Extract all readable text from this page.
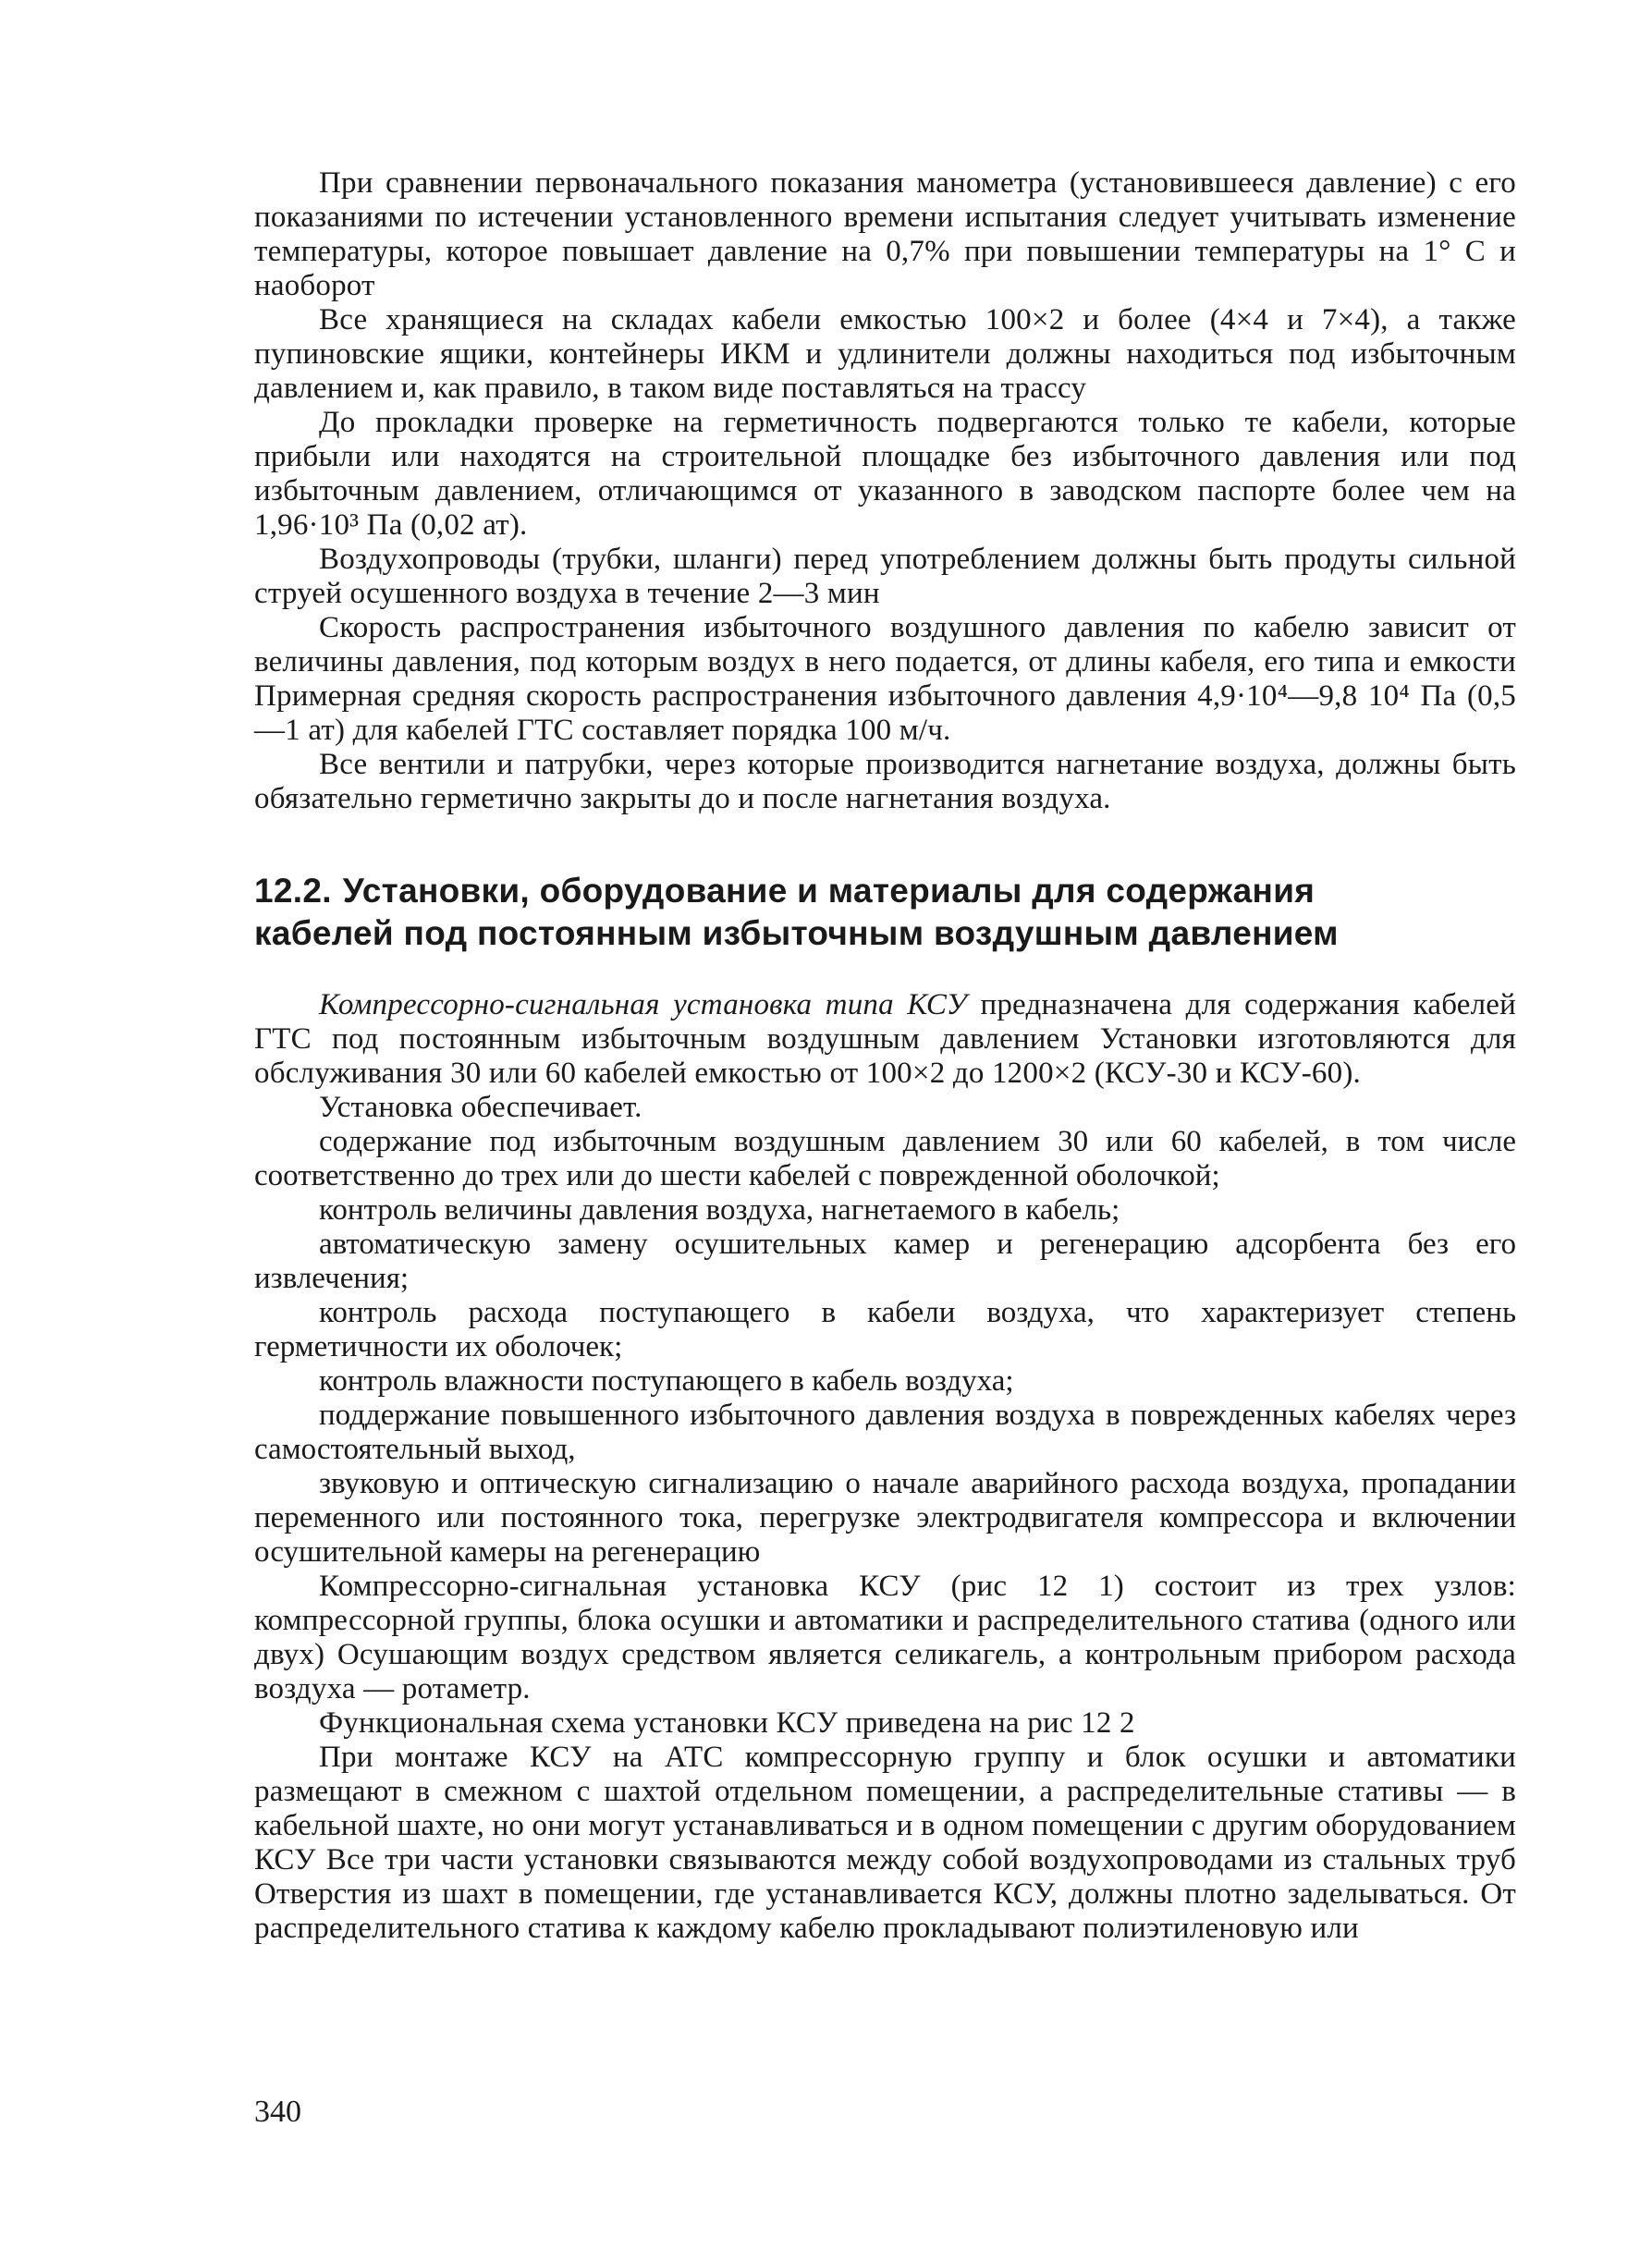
При сравнении первоначального показания манометра (установившееся давление) с его показаниями по истечении установленного времени испытания следует учитывать изменение температуры, которое повышает давление на 0,7% при повышении температуры на 1° С и наоборот

Все хранящиеся на складах кабели емкостью 100×2 и более (4×4 и 7×4), а также пупиновские ящики, контейнеры ИКМ и удлинители должны находиться под избыточным давлением и, как правило, в таком виде поставляться на трассу

До прокладки проверке на герметичность подвергаются только те кабели, которые прибыли или находятся на строительной площадке без избыточного давления или под избыточным давлением, отличающимся от указанного в заводском паспорте более чем на 1,96·10³ Па (0,02 ат).

Воздухопроводы (трубки, шланги) перед употреблением должны быть продуты сильной струей осушенного воздуха в течение 2—3 мин

Скорость распространения избыточного воздушного давления по кабелю зависит от величины давления, под которым воздух в него подается, от длины кабеля, его типа и емкости Примерная средняя скорость распространения избыточного давления 4,9·10⁴—9,8 10⁴ Па (0,5—1 ат) для кабелей ГТС составляет порядка 100 м/ч.

Все вентили и патрубки, через которые производится нагнетание воздуха, должны быть обязательно герметично закрыты до и после нагнетания воздуха.

12.2. Установки, оборудование и материалы для содержания
кабелей под постоянным избыточным воздушным давлением

Компрессорно-сигнальная установка типа КСУ предназначена для содержания кабелей ГТС под постоянным избыточным воздушным давлением Установки изготовляются для обслуживания 30 или 60 кабелей емкостью от 100×2 до 1200×2 (КСУ-30 и КСУ-60).

Установка обеспечивает.

содержание под избыточным воздушным давлением 30 или 60 кабелей, в том числе соответственно до трех или до шести кабелей с поврежденной оболочкой;

контроль величины давления воздуха, нагнетаемого в кабель;

автоматическую замену осушительных камер и регенерацию адсорбента без его извлечения;

контроль расхода поступающего в кабели воздуха, что характеризует степень герметичности их оболочек;

контроль влажности поступающего в кабель воздуха;

поддержание повышенного избыточного давления воздуха в поврежденных кабелях через самостоятельный выход,

звуковую и оптическую сигнализацию о начале аварийного расхода воздуха, пропадании переменного или постоянного тока, перегрузке электродвигателя компрессора и включении осушительной камеры на регенерацию

Компрессорно-сигнальная установка КСУ (рис 12 1) состоит из трех узлов: компрессорной группы, блока осушки и автоматики и распределительного статива (одного или двух) Осушающим воздух средством является селикагель, а контрольным прибором расхода воздуха — ротаметр.

Функциональная схема установки КСУ приведена на рис 12 2

При монтаже КСУ на АТС компрессорную группу и блок осушки и автоматики размещают в смежном с шахтой отдельном помещении, а распределительные стативы — в кабельной шахте, но они могут устанавливаться и в одном помещении с другим оборудованием КСУ Все три части установки связываются между собой воздухопроводами из стальных труб Отверстия из шахт в помещении, где устанавливается КСУ, должны плотно заделываться. От распределительного статива к каждому кабелю прокладывают полиэтиленовую или

340
